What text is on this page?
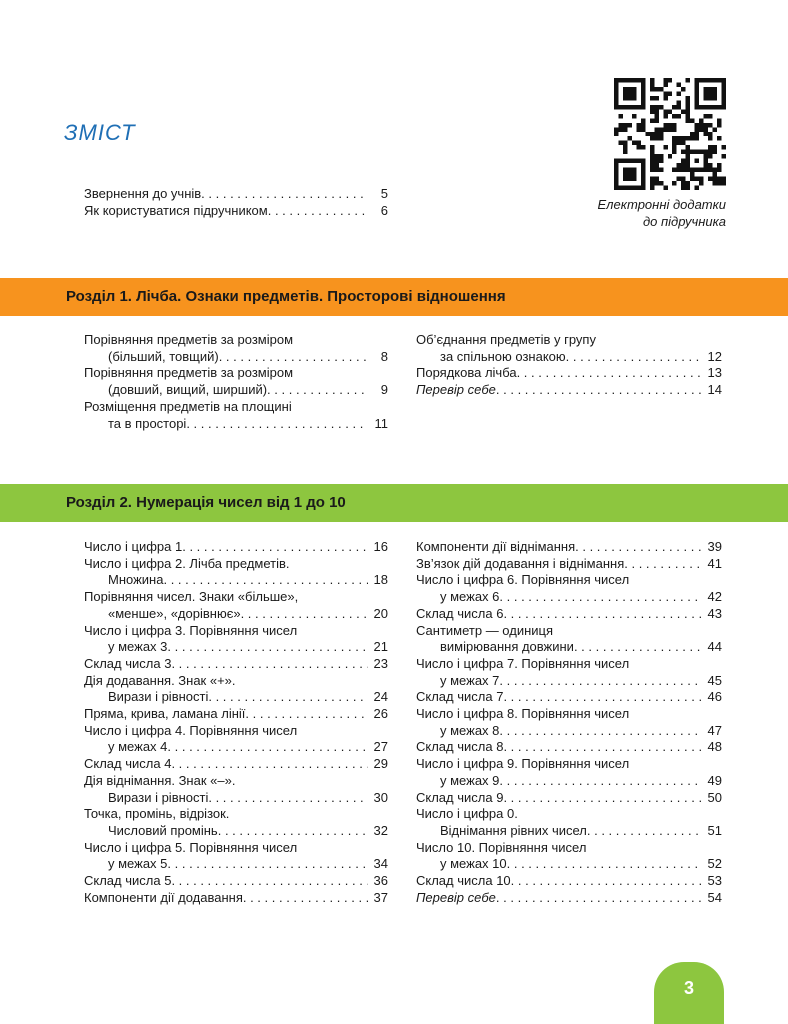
ЗМІСТ
Електронні додатки
до підручника
Звернення до учнів . . .	5
Як користуватися підручником . . .	6
Розділ 1. Лічба. Ознаки предметів. Просторові відношення
Порівняння предметів за розміром
(більший, товщий) . . .	8
Порівняння предметів за розміром
(довший, вищий, ширший) . . .	9
Розміщення предметів на площині
та в просторі . . .	11
Об’єднання предметів у групу
за спільною ознакою . . .	12
Порядкова лічба . . .	13
Перевір себе . . .	14
Розділ 2. Нумерація чисел від 1 до 10
Число і цифра 1 . . .	16
Число і цифра 2. Лічба предметів.
Множина . . .	18
Порівняння чисел. Знаки «більше»,
«менше», «дорівнює» . . .	20
Число і цифра 3. Порівняння чисел
у межах 3 . . .	21
Склад числа 3 . . .	23
Дія додавання. Знак «+».
Вирази і рівності . . .	24
Пряма, крива, ламана лінії . . .	26
Число і цифра 4. Порівняння чисел
у межах 4 . . .	27
Склад числа 4 . . .	29
Дія віднімання. Знак «–».
Вирази і рівності . . .	30
Точка, промінь, відрізок.
Числовий промінь . . .	32
Число і цифра 5. Порівняння чисел
у межах 5 . . .	34
Склад числа 5 . . .	36
Компоненти дії додавання . . .	37
Компоненти дії віднімання . . .	39
Зв’язок дій додавання і віднімання . . .	41
Число і цифра 6. Порівняння чисел
у межах 6 . . .	42
Склад числа 6 . . .	43
Сантиметр — одиниця
вимірювання довжини . . .	44
Число і цифра 7. Порівняння чисел
у межах 7 . . .	45
Склад числа 7 . . .	46
Число і цифра 8. Порівняння чисел
у межах 8 . . .	47
Склад числа 8 . . .	48
Число і цифра 9. Порівняння чисел
у межах 9 . . .	49
Склад числа 9 . . .	50
Число і цифра 0.
Віднімання рівних чисел . . .	51
Число 10. Порівняння чисел
у межах 10 . . .	52
Склад числа 10 . . .	53
Перевір себе . . .	54
3
